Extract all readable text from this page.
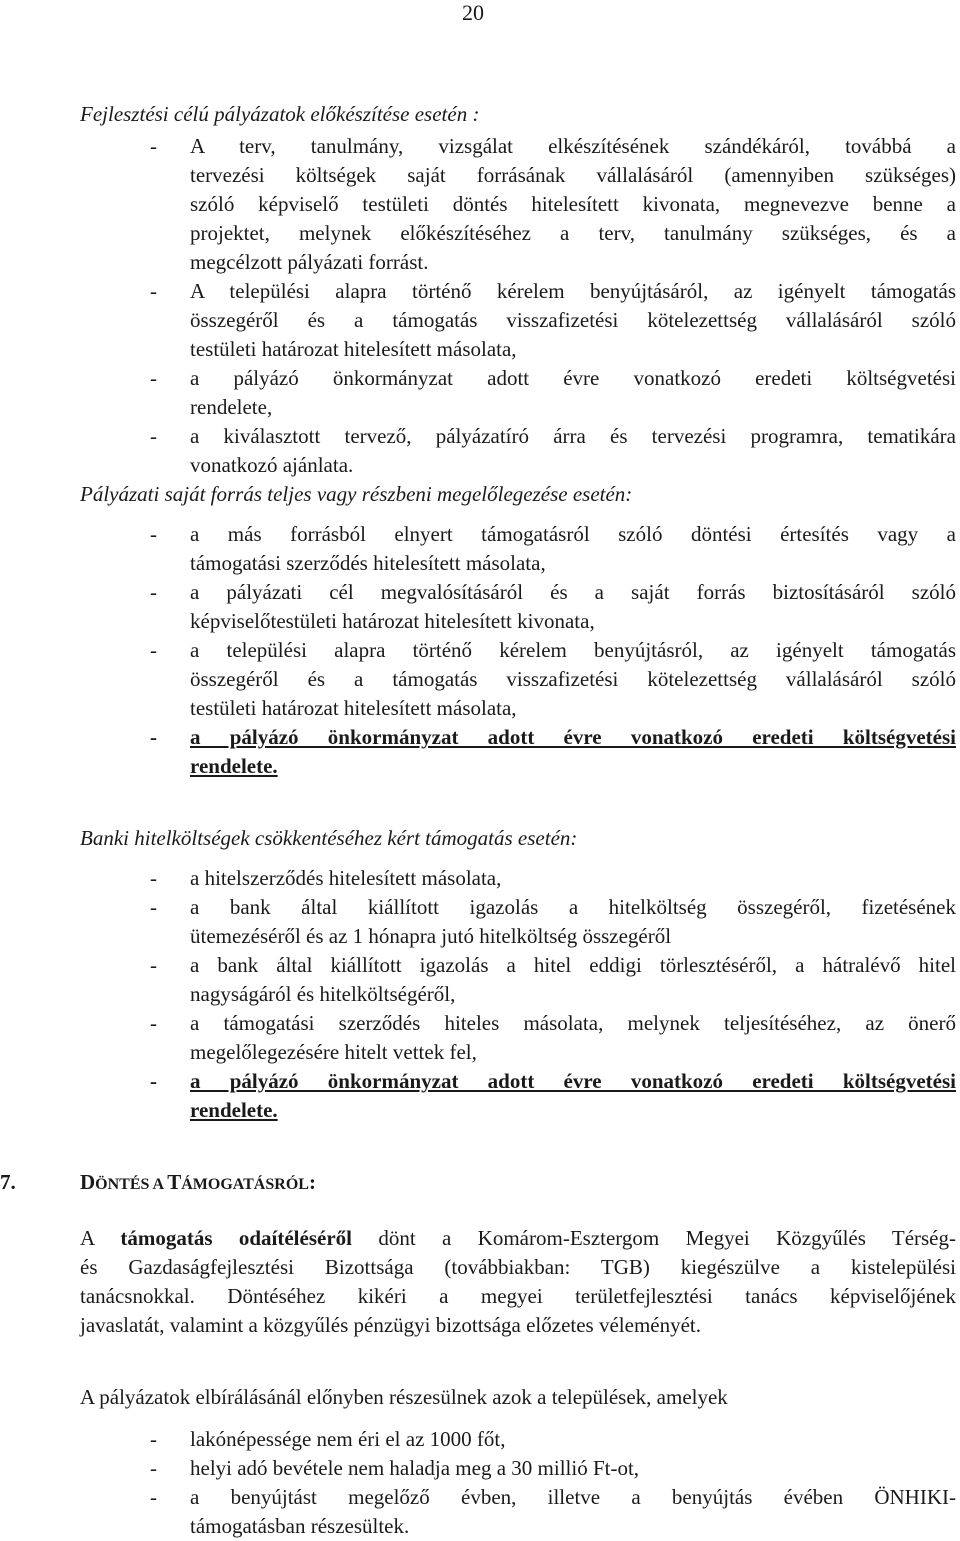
20
Fejlesztési célú pályázatok előkészítése esetén :
- A terv, tanulmány, vizsgálat elkészítésének szándékáról, továbbá a
tervezési költségek saját forrásának vállalásáról (amennyiben szükséges)
szóló képviselő testületi döntés hitelesített kivonata, megnevezve benne a
projektet, melynek előkészítéséhez a terv, tanulmány szükséges, és a
megcélzott pályázati forrást.
- A települési alapra történő kérelem benyújtásáról, az igényelt támogatás
összegéről és a támogatás visszafizetési kötelezettség vállalásáról szóló
testületi határozat hitelesített másolata,
- a pályázó önkormányzat adott évre vonatkozó eredeti költségvetési
rendelete,
- a kiválasztott tervező, pályázatíró árra és tervezési programra, tematikára
vonatkozó ajánlata.
Pályázati saját forrás teljes vagy részbeni megelőlegezése esetén:
- a más forrásból elnyert támogatásról szóló döntési értesítés vagy a
támogatási szerződés hitelesített másolata,
- a pályázati cél megvalósításáról és a saját forrás biztosításáról szóló
képviselőtestületi határozat hitelesített kivonata,
- a települési alapra történő kérelem benyújtásról, az igényelt támogatás
összegéről és a támogatás visszafizetési kötelezettség vállalásáról szóló
testületi határozat hitelesített másolata,
- a pályázó önkormányzat adott évre vonatkozó eredeti költségvetési
rendelete.
Banki hitelköltségek csökkentéséhez kért támogatás esetén:
- a hitelszerződés hitelesített másolata,
- a bank által kiállított igazolás a hitelköltség összegéről, fizetésének
ütemezéséről és az 1 hónapra jutó hitelköltség összegéről
- a bank által kiállított igazolás a hitel eddigi törlesztéséről, a hátralévő hitel
nagyságáról és hitelköltségéről,
- a támogatási szerződés hiteles másolata, melynek teljesítéséhez, az önerő
megelőlegezésére hitelt vettek fel,
- a pályázó önkormányzat adott évre vonatkozó eredeti költségvetési
rendelete.
7.	DÖNTÉS A TÁMOGATÁSRÓL:
A támogatás odaítéléséről dönt a Komárom-Esztergom Megyei Közgyűlés Térség-
és Gazdaságfejlesztési Bizottsága (továbbiakban: TGB) kiegészülve a kistelepülési
tanácsnokkal. Döntéséhez kikéri a megyei területfejlesztési tanács képviselőjének
javaslatát, valamint a közgyűlés pénzügyi bizottsága előzetes véleményét.
A pályázatok elbírálásánál előnyben részesülnek azok a települések, amelyek
- lakónépessége nem éri el az 1000 főt,
- helyi adó bevétele nem haladja meg a 30 millió Ft-ot,
- a benyújtást megelőző évben, illetve a benyújtás évében ÖNHIKI-
támogatásban részesültek.
